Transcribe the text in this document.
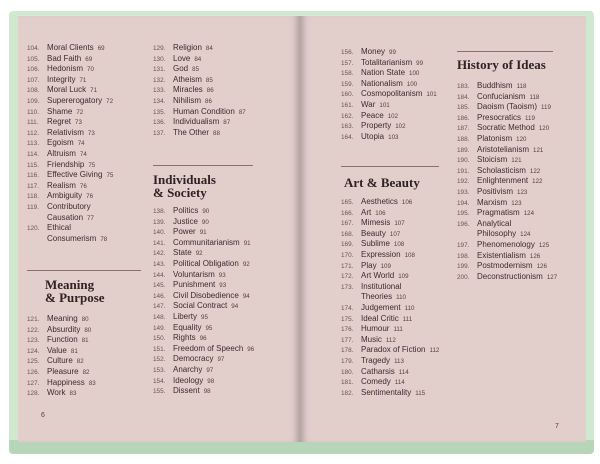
104. Moral Clients 69
105. Bad Faith 69
106. Hedonism 70
107. Integrity 71
108. Moral Luck 71
109. Supererogatory 72
110. Shame 72
111. Regret 73
112. Relativism 73
113. Egoism 74
114. Altruism 74
115. Friendship 75
116. Effective Giving 75
117. Realism 76
118. Ambiguity 76
119. Contributory
Causation 77
120. Ethical
Consumerism 78
Meaning
& Purpose
121. Meaning 80
122. Absurdity 80
123. Function 81
124. Value 81
125. Culture 82
126. Pleasure 82
127. Happiness 83
128. Work 83
129. Religion 84
130. Love 84
131. God 85
132. Atheism 85
133. Miracles 86
134. Nihilism 86
135. Human Condition 87
136. Individualism 87
137. The Other 88
Individuals
& Society
138. Politics 90
139. Justice 90
140. Power 91
141. Communitarianism 91
142. State 92
143. Political Obligation 92
144. Voluntarism 93
145. Punishment 93
146. Civil Disobedience 94
147. Social Contract 94
148. Liberty 95
149. Equality 95
150. Rights 96
151. Freedom of Speech 96
152. Democracy 97
153. Anarchy 97
154. Ideology 98
155. Dissent 98
6
156. Money 99
157. Totalitarianism 99
158. Nation State 100
159. Nationalism 100
160. Cosmopolitanism 101
161. War 101
162. Peace 102
163. Property 102
164. Utopia 103
Art & Beauty
165. Aesthetics 106
166. Art 106
167. Mimesis 107
168. Beauty 107
169. Sublime 108
170. Expression 108
171. Play 109
172. Art World 109
173. Institutional
Theories 110
174. Judgement 110
175. Ideal Critic 111
176. Humour 111
177. Music 112
178. Paradox of Fiction 112
179. Tragedy 113
180. Catharsis 114
181. Comedy 114
182. Sentimentality 115
History of Ideas
183. Buddhism 118
184. Confucianism 118
185. Daoism (Taoism) 119
186. Presocratics 119
187. Socratic Method 120
188. Platonism 120
189. Aristotelianism 121
190. Stoicism 121
191. Scholasticism 122
192. Enlightenment 122
193. Positivism 123
194. Marxism 123
195. Pragmatism 124
196. Analytical
Philosophy 124
197. Phenomenology 125
198. Existentialism 126
199. Postmodernism 126
200. Deconstructionism 127
7
